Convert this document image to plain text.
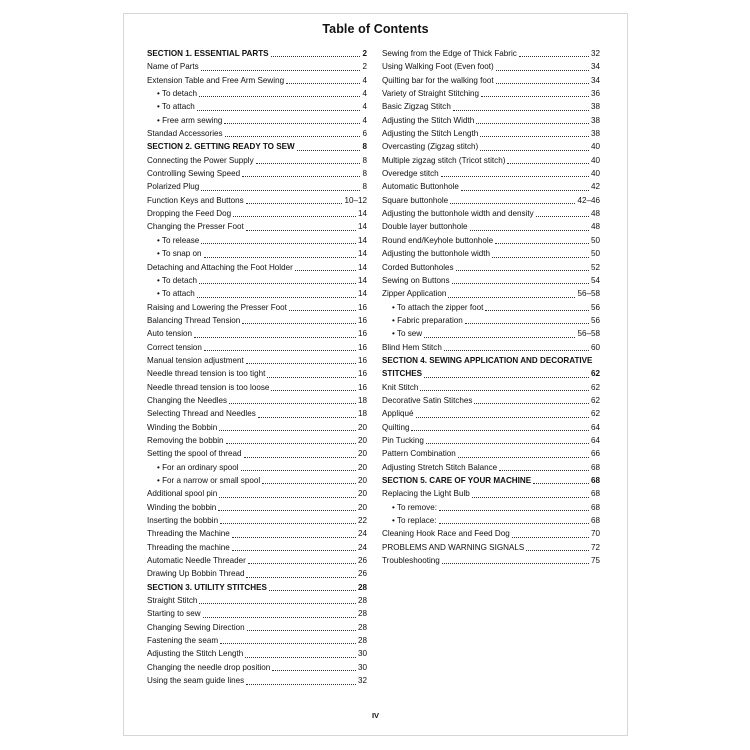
Table of Contents
SECTION 1. ESSENTIAL PARTS	2
Name of Parts	2
Extension Table and Free Arm Sewing	4
• To detach	4
• To attach	4
• Free arm sewing	4
Standad Accessories	6
SECTION 2. GETTING READY TO SEW	8
Connecting the Power Supply	8
Controlling Sewing Speed	8
Polarized Plug	8
Function Keys and Buttons	10–12
Dropping the Feed Dog	14
Changing the Presser Foot	14
• To release	14
• To snap on	14
Detaching and Attaching the Foot Holder	14
• To detach	14
• To attach	14
Raising and Lowering the Presser Foot	16
Balancing Thread Tension	16
Auto tension	16
Correct tension	16
Manual tension adjustment	16
Needle thread tension is too tight	16
Needle thread tension is too loose	16
Changing the Needles	18
Selecting Thread and Needles	18
Winding the Bobbin	20
Removing the bobbin	20
Setting the spool of thread	20
• For an ordinary spool	20
• For a narrow or small spool	20
Additional spool pin	20
Winding the bobbin	20
Inserting the bobbin	22
Threading the Machine	24
Threading the machine	24
Automatic Needle Threader	26
Drawing Up Bobbin Thread	26
SECTION 3. UTILITY STITCHES	28
Straight Stitch	28
Starting to sew	28
Changing Sewing Direction	28
Fastening the seam	28
Adjusting the Stitch Length	30
Changing the needle drop position	30
Using the seam guide lines	32
Sewing from the Edge of Thick Fabric	32
Using Walking Foot (Even foot)	34
Quilting bar for the walking foot	34
Variety of Straight Stitching	36
Basic Zigzag Stitch	38
Adjusting the Stitch Width	38
Adjusting the Stitch Length	38
Overcasting (Zigzag stitch)	40
Multiple zigzag stitch (Tricot stitch)	40
Overedge stitch	40
Automatic Buttonhole	42
Square buttonhole	42–46
Adjusting the buttonhole width and density	48
Double layer buttonhole	48
Round end/Keyhole buttonhole	50
Adjusting the buttonhole width	50
Corded Buttonholes	52
Sewing on Buttons	54
Zipper Application	56–58
• To attach the zipper foot	56
• Fabric preparation	56
• To sew	56–58
Blind Hem Stitch	60
SECTION 4. SEWING APPLICATION AND DECORATIVE
STITCHES	62
Knit Stitch	62
Decorative Satin Stitches	62
Appliqué	62
Quilting	64
Pin Tucking	64
Pattern Combination	66
Adjusting Stretch Stitch Balance	68
SECTION 5. CARE OF YOUR MACHINE	68
Replacing the Light Bulb	68
• To remove:	68
• To replace:	68
Cleaning Hook Race and Feed Dog	70
PROBLEMS AND WARNING SIGNALS	72
Troubleshooting	75
IV
